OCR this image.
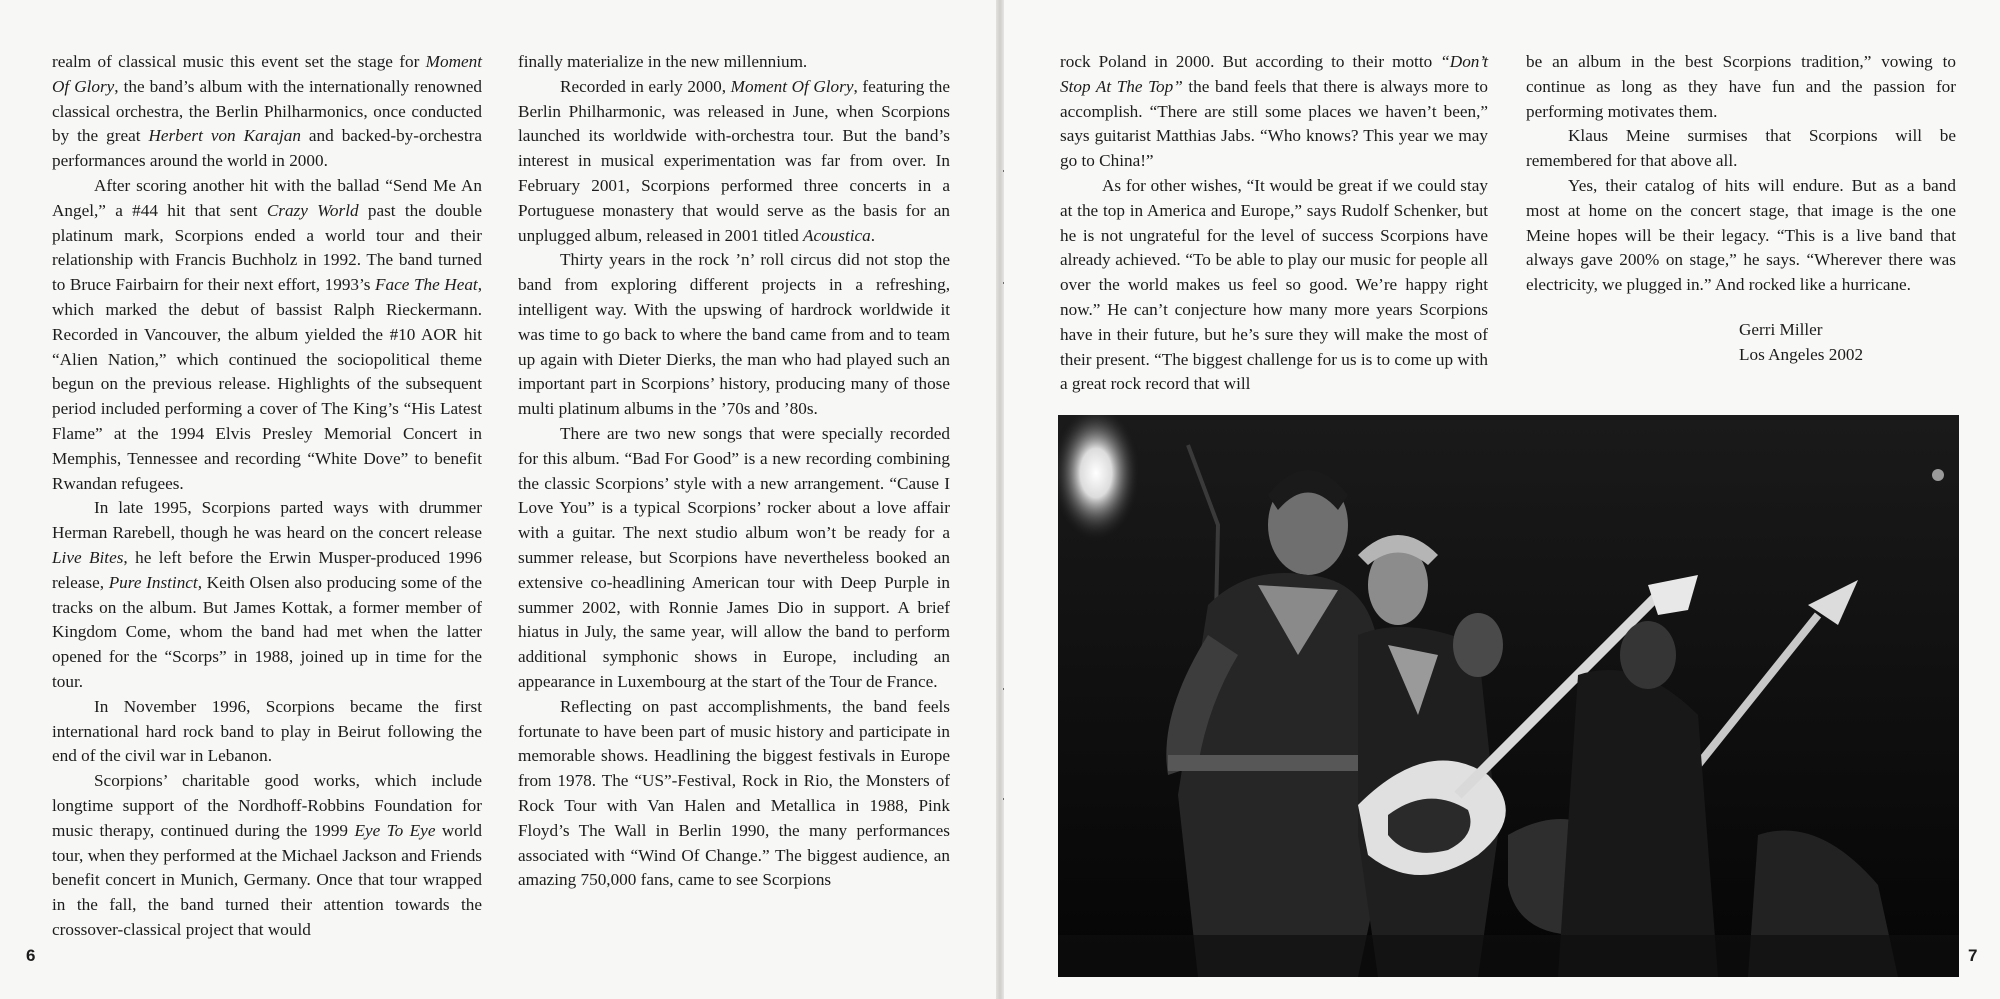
realm of classical music this event set the stage for Moment Of Glory, the band’s album with the internationally renowned classical orchestra, the Berlin Philharmonics, once conducted by the great Herbert von Karajan and backed-by-orchestra performances around the world in 2000.

After scoring another hit with the ballad “Send Me An Angel,” a #44 hit that sent Crazy World past the double platinum mark, Scorpions ended a world tour and their relationship with Francis Buchholz in 1992. The band turned to Bruce Fairbairn for their next effort, 1993’s Face The Heat, which marked the debut of bassist Ralph Rieckermann. Recorded in Vancouver, the album yielded the #10 AOR hit “Alien Nation,” which continued the sociopolitical theme begun on the previous release. Highlights of the subsequent period included performing a cover of The King’s “His Latest Flame” at the 1994 Elvis Presley Memorial Concert in Memphis, Tennessee and recording “White Dove” to benefit Rwandan refugees.

In late 1995, Scorpions parted ways with drummer Herman Rarebell, though he was heard on the concert release Live Bites, he left before the Erwin Musper-produced 1996 release, Pure Instinct, Keith Olsen also producing some of the tracks on the album. But James Kottak, a former member of Kingdom Come, whom the band had met when the latter opened for the “Scorps” in 1988, joined up in time for the tour.

In November 1996, Scorpions became the first international hard rock band to play in Beirut following the end of the civil war in Lebanon.

Scorpions’ charitable good works, which include longtime support of the Nordhoff-Robbins Foundation for music therapy, continued during the 1999 Eye To Eye world tour, when they performed at the Michael Jackson and Friends benefit concert in Munich, Germany. Once that tour wrapped in the fall, the band turned their attention towards the crossover-classical project that would

finally materialize in the new millennium.

Recorded in early 2000, Moment Of Glory, featuring the Berlin Philharmonic, was released in June, when Scorpions launched its worldwide with-orchestra tour. But the band’s interest in musical experimentation was far from over. In February 2001, Scorpions performed three concerts in a Portuguese monastery that would serve as the basis for an unplugged album, released in 2001 titled Acoustica.

Thirty years in the rock ’n’ roll circus did not stop the band from exploring different projects in a refreshing, intelligent way. With the upswing of hardrock worldwide it was time to go back to where the band came from and to team up again with Dieter Dierks, the man who had played such an important part in Scorpions’ history, producing many of those multi platinum albums in the ’70s and ’80s.

There are two new songs that were specially recorded for this album. “Bad For Good” is a new recording combining the classic Scorpions’ style with a new arrangement. “Cause I Love You” is a typical Scorpions’ rocker about a love affair with a guitar. The next studio album won’t be ready for a summer release, but Scorpions have nevertheless booked an extensive co-headlining American tour with Deep Purple in summer 2002, with Ronnie James Dio in support. A brief hiatus in July, the same year, will allow the band to perform additional symphonic shows in Europe, including an appearance in Luxembourg at the start of the Tour de France.

Reflecting on past accomplishments, the band feels fortunate to have been part of music history and participate in memorable shows. Headlining the biggest festivals in Europe from 1978. The “US”-Festival, Rock in Rio, the Monsters of Rock Tour with Van Halen and Metallica in 1988, Pink Floyd’s The Wall in Berlin 1990, the many performances associated with “Wind Of Change.” The biggest audience, an amazing 750,000 fans, came to see Scorpions

6	7

rock Poland in 2000. But according to their motto “Don’t Stop At The Top” the band feels that there is always more to accomplish. “There are still some places we haven’t been,” says guitarist Matthias Jabs. “Who knows? This year we may go to China!”

As for other wishes, “It would be great if we could stay at the top in America and Europe,” says Rudolf Schenker, but he is not ungrateful for the level of success Scorpions have already achieved. “To be able to play our music for people all over the world makes us feel so good. We’re happy right now.” He can’t conjecture how many more years Scorpions have in their future, but he’s sure they will make the most of their present. “The biggest challenge for us is to come up with a great rock record that will

be an album in the best Scorpions tradition,” vowing to continue as long as they have fun and the passion for performing motivates them.

Klaus Meine surmises that Scorpions will be remembered for that above all.

Yes, their catalog of hits will endure. But as a band most at home on the concert stage, that image is the one Meine hopes will be their legacy. “This is a live band that always gave 200% on stage,” he says. “Wherever there was electricity, we plugged in.” And rocked like a hurricane.

Gerri Miller
Los Angeles 2002
